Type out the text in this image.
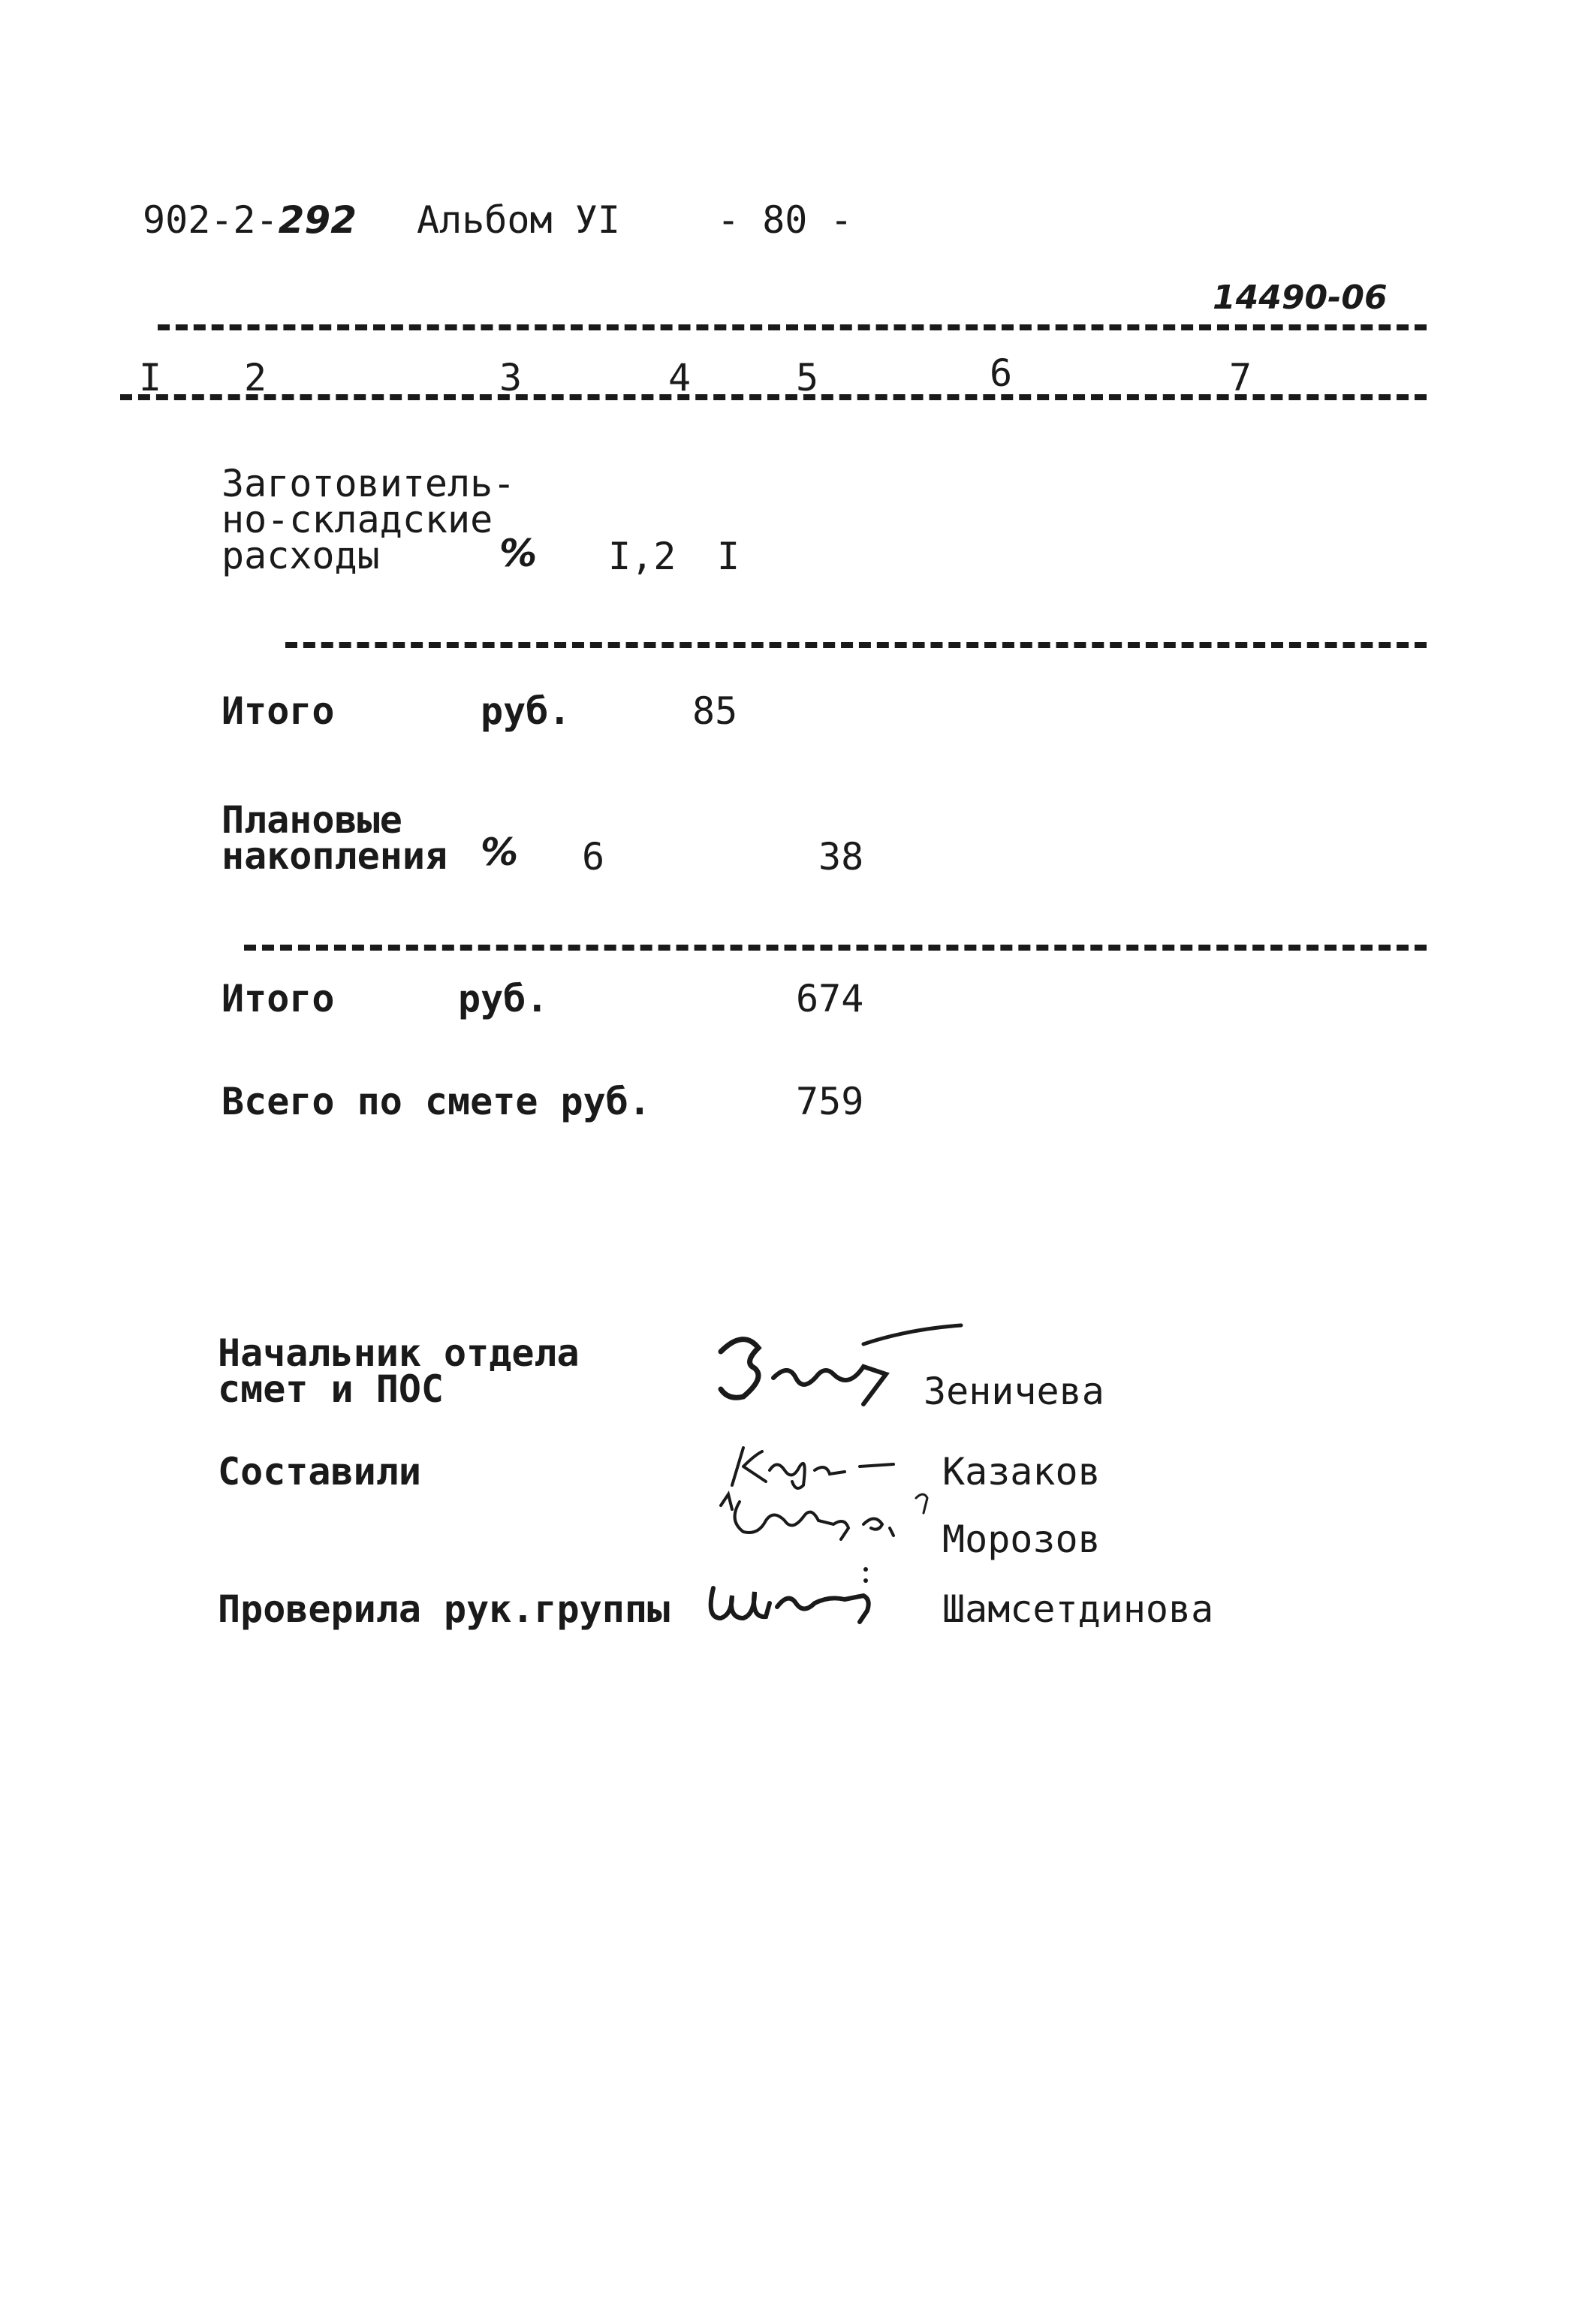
902-2-292 Альбом УI	- 80 -
14490-06
I 2	3	4	5	6	7
Заготовитель-
но-складские
расходы	% I,2 I
Итого	руб.	85
Плановые
накопления % 6	38
Итого	руб.	674
Всего по смете руб.	759
Начальник отдела
смет и ПОС	Зеничева
Составили	Казаков
Морозов
Проверила рук.группы	Шамсетдинова
